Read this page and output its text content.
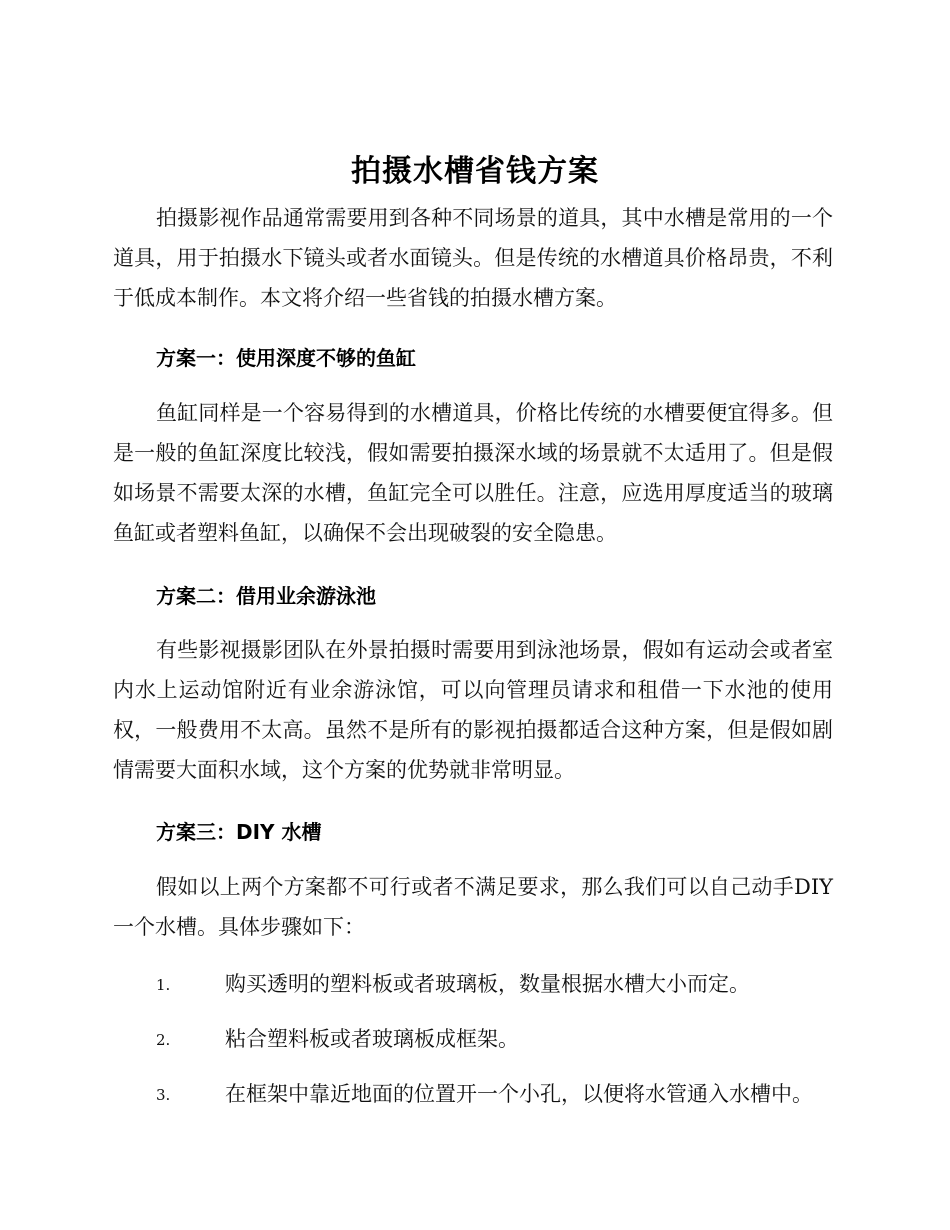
拍摄水槽省钱方案

拍摄影视作品通常需要用到各种不同场景的道具，其中水槽是常用的一个道具，用于拍摄水下镜头或者水面镜头。但是传统的水槽道具价格昂贵，不利于低成本制作。本文将介绍一些省钱的拍摄水槽方案。

方案一：使用深度不够的鱼缸

鱼缸同样是一个容易得到的水槽道具，价格比传统的水槽要便宜得多。但是一般的鱼缸深度比较浅，假如需要拍摄深水域的场景就不太适用了。但是假如场景不需要太深的水槽，鱼缸完全可以胜任。注意，应选用厚度适当的玻璃鱼缸或者塑料鱼缸，以确保不会出现破裂的安全隐患。

方案二：借用业余游泳池

有些影视摄影团队在外景拍摄时需要用到泳池场景，假如有运动会或者室内水上运动馆附近有业余游泳馆，可以向管理员请求和租借一下水池的使用权，一般费用不太高。虽然不是所有的影视拍摄都适合这种方案，但是假如剧情需要大面积水域，这个方案的优势就非常明显。

方案三：DIY 水槽

假如以上两个方案都不可行或者不满足要求，那么我们可以自己动手DIY 一个水槽。具体步骤如下：

1.	购买透明的塑料板或者玻璃板，数量根据水槽大小而定。
2.	粘合塑料板或者玻璃板成框架。
3.	在框架中靠近地面的位置开一个小孔，以便将水管通入水槽中。
